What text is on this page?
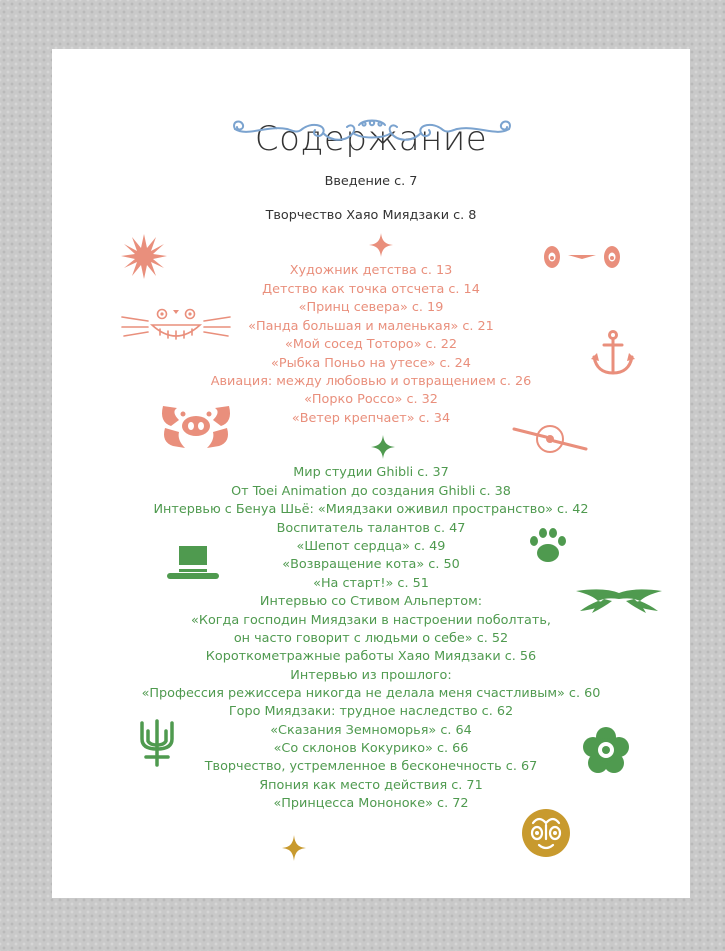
Содержание
Введение с. 7
Творчество Хаяо Миядзаки с. 8
Художник детства с. 13
Детство как точка отсчета с. 14
«Принц севера» с. 19
«Панда большая и маленькая» с. 21
«Мой сосед Тоторо» с. 22
«Рыбка Поньо на утесе» с. 24
Авиация: между любовью и отвращением с. 26
«Порко Россо» с. 32
«Ветер крепчает» с. 34
Мир студии Ghibli с. 37
От Toei Animation до создания Ghibli с. 38
Интервью с Бенуа Шьё: «Миядзаки оживил пространство» с. 42
Воспитатель талантов с. 47
«Шепот сердца» с. 49
«Возвращение кота» с. 50
«На старт!» с. 51
Интервью со Стивом Альпертом:
«Когда господин Миядзаки в настроении поболтать,
он часто говорит с людьми о себе» с. 52
Короткометражные работы Хаяо Миядзаки с. 56
Интервью из прошлого:
«Профессия режиссера никогда не делала меня счастливым» с. 60
Горо Миядзаки: трудное наследство с. 62
«Сказания Земноморья» с. 64
«Со склонов Кокурико» с. 66
Творчество, устремленное в бесконечность с. 67
Япония как место действия с. 71
«Принцесса Мононоке» с. 72
